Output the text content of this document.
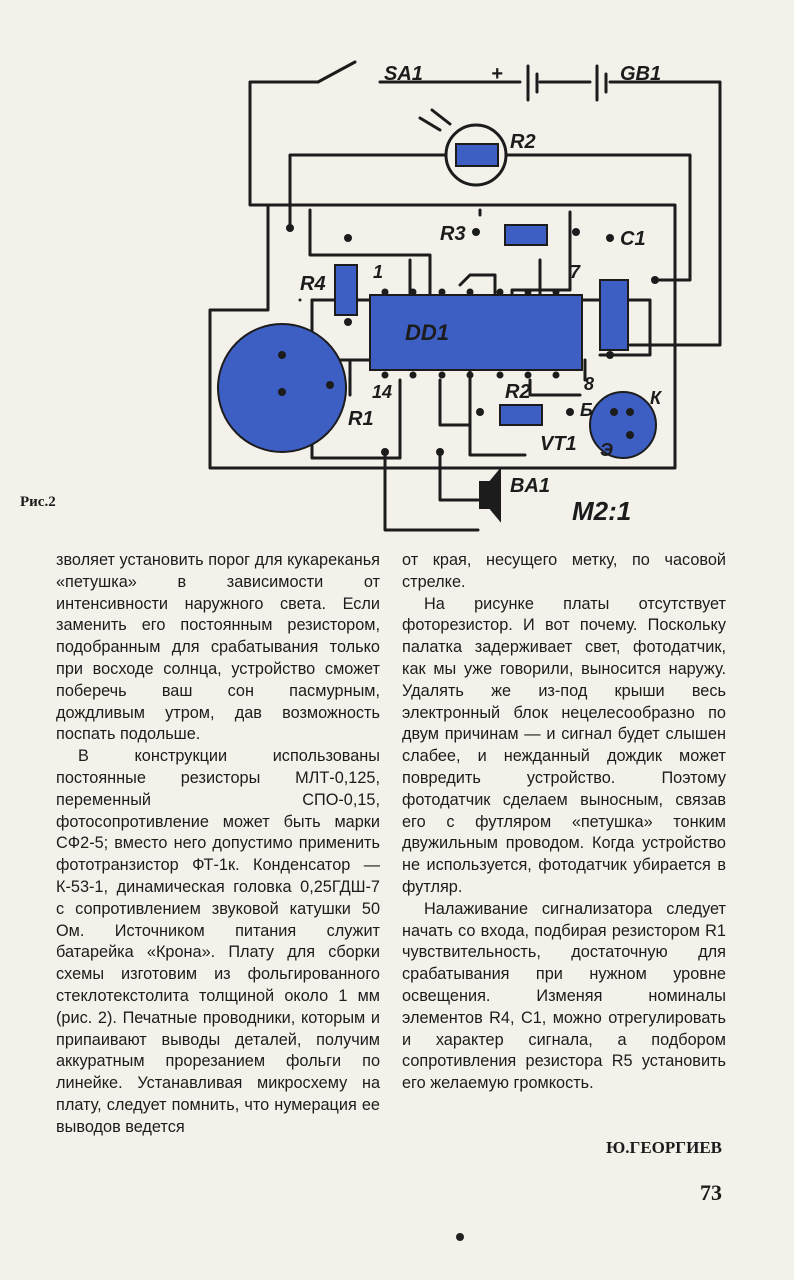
SA1	+	GB1
R2
R3	C1
R4
1	7
DD1
14	8
R2
Б
К
VT1 Э
R1
BA1
M2:1
Рис.2

зволяет установить порог для кукареканья «петушка» в зависимости от интенсивности наружного света. Если заменить его постоянным резистором, подобранным для срабатывания только при восходе солнца, устройство сможет поберечь ваш сон пасмурным, дождливым утром, дав возможность поспать подольше.

В конструкции использованы постоянные резисторы МЛТ-0,125, переменный СПО-0,15, фотосопротивление может быть марки СФ2-5; вместо него допустимо применить фототранзистор ФТ-1к. Конденсатор — К-53-1, динамическая головка 0,25ГДШ-7 с сопротивлением звуковой катушки 50 Ом. Источником питания служит батарейка «Крона». Плату для сборки схемы изготовим из фольгированного стеклотекстолита толщиной около 1 мм (рис. 2). Печатные проводники, которым и припаивают выводы деталей, получим аккуратным прорезанием фольги по линейке. Устанавливая микросхему на плату, следует помнить, что нумерация ее выводов ведется

от края, несущего метку, по часовой стрелке.

На рисунке платы отсутствует фоторезистор. И вот почему. Поскольку палатка задерживает свет, фотодатчик, как мы уже говорили, выносится наружу. Удалять же из-под крыши весь электронный блок нецелесообразно по двум причинам — и сигнал будет слышен слабее, и нежданный дождик может повредить устройство. Поэтому фотодатчик сделаем выносным, связав его с футляром «петушка» тонким двужильным проводом. Когда устройство не используется, фотодатчик убирается в футляр.

Налаживание сигнализатора следует начать со входа, подбирая резистором R1 чувствительность, достаточную для срабатывания при нужном уровне освещения. Изменяя номиналы элементов R4, C1, можно отрегулировать и характер сигнала, а подбором сопротивления резистора R5 установить его желаемую громкость.

Ю.ГЕОРГИЕВ
73
